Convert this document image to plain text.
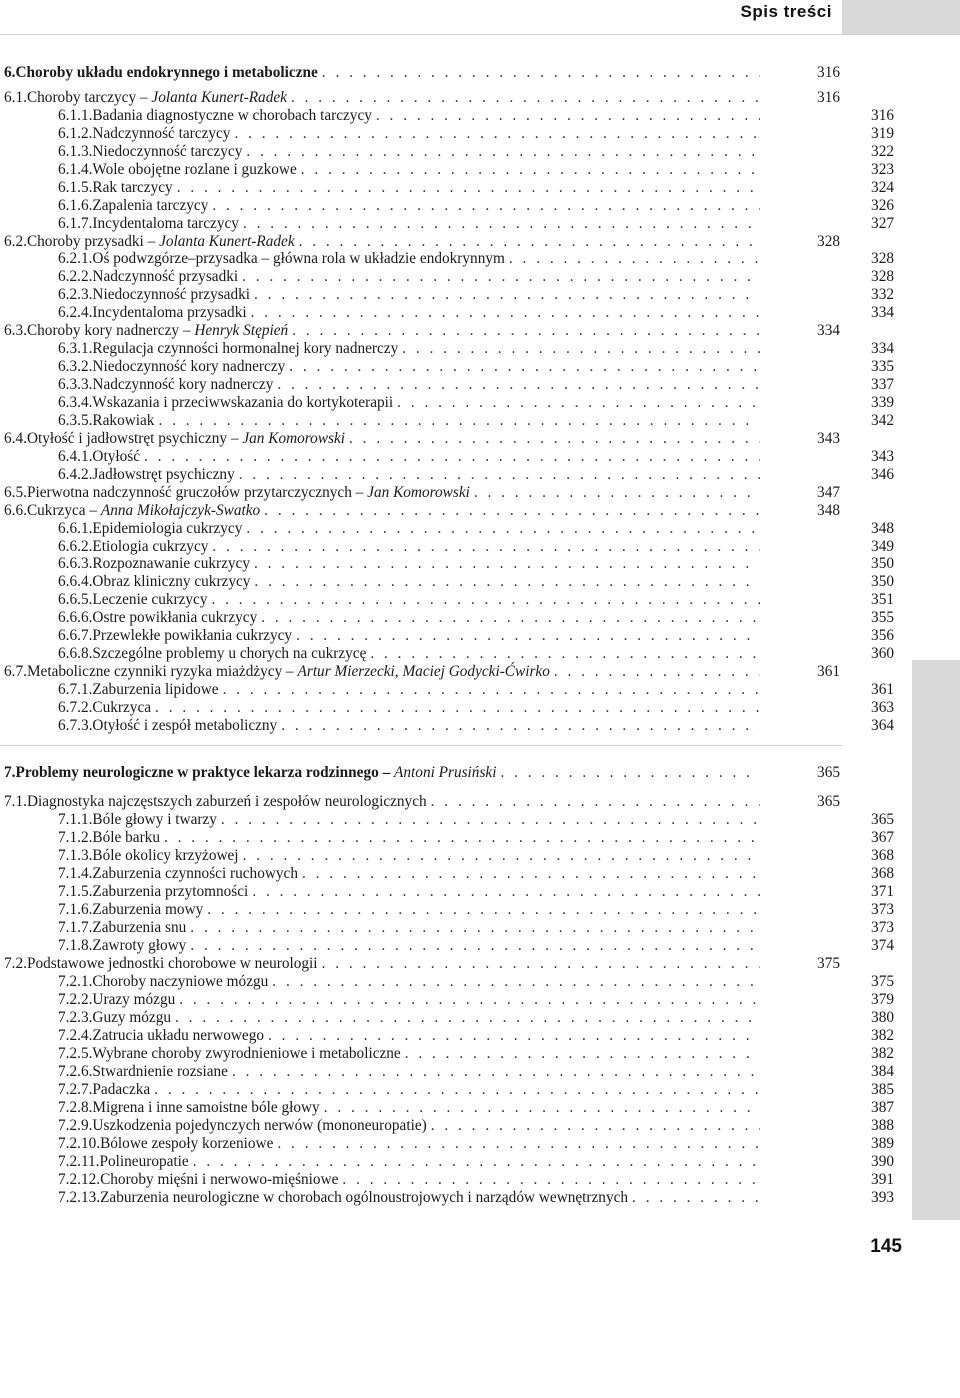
Spis treści
6. Choroby układu endokrynnego i metaboliczne . . .	316
6.1. Choroby tarczycy – Jolanta Kunert-Radek . . .	316
6.1.1. Badania diagnostyczne w chorobach tarczycy . . .	316
6.1.2. Nadczynność tarczycy . . .	319
6.1.3. Niedoczynność tarczycy . . .	322
6.1.4. Wole obojętne rozlane i guzkowe . . .	323
6.1.5. Rak tarczycy . . .	324
6.1.6. Zapalenia tarczycy . . .	326
6.1.7. Incydentaloma tarczycy . . .	327
6.2. Choroby przysadki – Jolanta Kunert-Radek . . .	328
6.2.1. Oś podwzgórze–przysadka – główna rola w układzie endokrynnym . . .	328
6.2.2. Nadczynność przysadki . . .	328
6.2.3. Niedoczynność przysadki . . .	332
6.2.4. Incydentaloma przysadki . . .	334
6.3. Choroby kory nadnerczy – Henryk Stępień . . .	334
6.3.1. Regulacja czynności hormonalnej kory nadnerczy . . .	334
6.3.2. Niedoczynność kory nadnerczy . . .	335
6.3.3. Nadczynność kory nadnerczy . . .	337
6.3.4. Wskazania i przeciwwskazania do kortykoterapii . . .	339
6.3.5. Rakowiak . . .	342
6.4. Otyłość i jadłowstręt psychiczny – Jan Komorowski . . .	343
6.4.1. Otyłość . . .	343
6.4.2. Jadłowstręt psychiczny . . .	346
6.5. Pierwotna nadczynność gruczołów przytarczycznych – Jan Komorowski . . .	347
6.6. Cukrzyca – Anna Mikołajczyk-Swatko . . .	348
6.6.1. Epidemiologia cukrzycy . . .	348
6.6.2. Etiologia cukrzycy . . .	349
6.6.3. Rozpoznawanie cukrzycy . . .	350
6.6.4. Obraz kliniczny cukrzycy . . .	350
6.6.5. Leczenie cukrzycy . . .	351
6.6.6. Ostre powikłania cukrzycy . . .	355
6.6.7. Przewlekłe powikłania cukrzycy . . .	356
6.6.8. Szczególne problemy u chorych na cukrzycę . . .	360
6.7. Metaboliczne czynniki ryzyka miażdżycy – Artur Mierzecki, Maciej Godycki-Ćwirko . . .	361
6.7.1. Zaburzenia lipidowe . . .	361
6.7.2. Cukrzyca . . .	363
6.7.3. Otyłość i zespół metaboliczny . . .	364
7. Problemy neurologiczne w praktyce lekarza rodzinnego – Antoni Prusiński . . .	365
7.1. Diagnostyka najczęstszych zaburzeń i zespołów neurologicznych . . .	365
7.1.1. Bóle głowy i twarzy . . .	365
7.1.2. Bóle barku . . .	367
7.1.3. Bóle okolicy krzyżowej . . .	368
7.1.4. Zaburzenia czynności ruchowych . . .	368
7.1.5. Zaburzenia przytomności . . .	371
7.1.6. Zaburzenia mowy . . .	373
7.1.7. Zaburzenia snu . . .	373
7.1.8. Zawroty głowy . . .	374
7.2. Podstawowe jednostki chorobowe w neurologii . . .	375
7.2.1. Choroby naczyniowe mózgu . . .	375
7.2.2. Urazy mózgu . . .	379
7.2.3. Guzy mózgu . . .	380
7.2.4. Zatrucia układu nerwowego . . .	382
7.2.5. Wybrane choroby zwyrodnieniowe i metaboliczne . . .	382
7.2.6. Stwardnienie rozsiane . . .	384
7.2.7. Padaczka . . .	385
7.2.8. Migrena i inne samoistne bóle głowy . . .	387
7.2.9. Uszkodzenia pojedynczych nerwów (mononeuropatie) . . .	388
7.2.10. Bólowe zespoły korzeniowe . . .	389
7.2.11. Polineuropatie . . .	390
7.2.12. Choroby mięśni i nerwowo-mięśniowe . . .	391
7.2.13. Zaburzenia neurologiczne w chorobach ogólnoustrojowych i narządów wewnętrznych . . .	393
145
